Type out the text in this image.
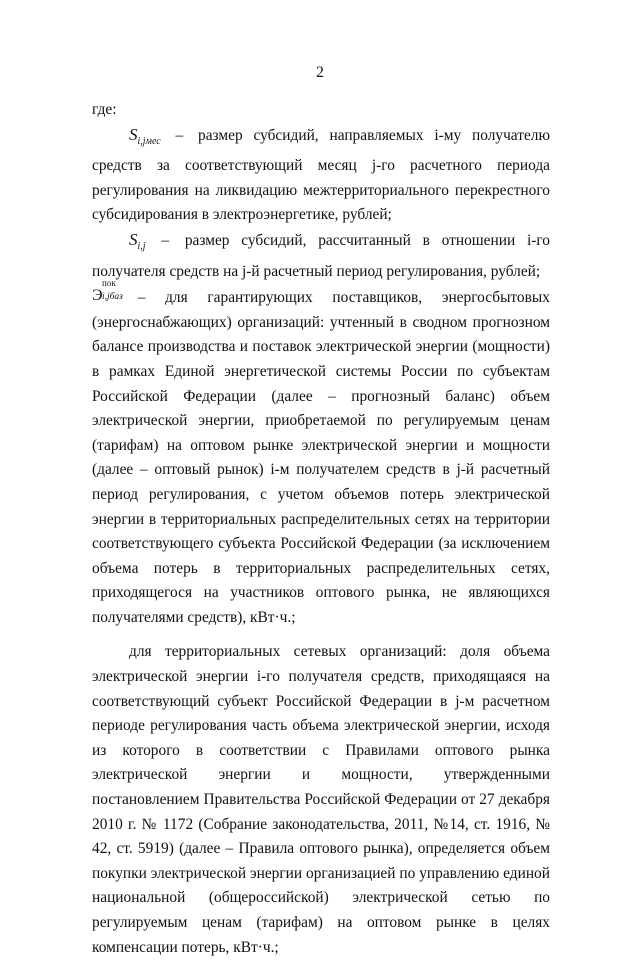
2

где:

$S_{i,jмес}$ – размер субсидий, направляемых i-му получателю средств за соответствующий месяц j-го расчетного периода регулирования на ликвидацию межтерриториального перекрестного субсидирования в электроэнергетике, рублей;

$S_{i,j}$ – размер субсидий, рассчитанный в отношении i-го получателя средств на j-й расчетный период регулирования, рублей;

Э
пок
i,jбаз – для гарантирующих поставщиков, энергосбытовых

(энергоснабжающих) организаций: учтенный в сводном прогнозном балансе производства и поставок электрической энергии (мощности) в рамках Единой энергетической системы России по субъектам Российской Федерации (далее – прогнозный баланс) объем электрической энергии, приобретаемой по регулируемым ценам (тарифам) на оптовом рынке электрической энергии и мощности (далее – оптовый рынок) i-м получателем средств в j-й расчетный период регулирования, с учетом объемов потерь электрической энергии в территориальных распределительных сетях на территории соответствующего субъекта Российской Федерации (за исключением объема потерь в территориальных распределительных сетях, приходящегося на участников оптового рынка, не являющихся получателями средств), кВт·ч.;

для территориальных сетевых организаций: доля объема электрической энергии i-го получателя средств, приходящаяся на соответствующий субъект Российской Федерации в j-м расчетном периоде регулирования часть объема электрической энергии, исходя из которого в соответствии с Правилами оптового рынка электрической энергии и мощности, утвержденными постановлением Правительства Российской Федерации от 27 декабря 2010 г. № 1172 (Собрание законодательства, 2011, №14, ст. 1916, № 42, ст. 5919) (далее – Правила оптового рынка), определяется объем покупки электрической энергии организацией по управлению единой национальной (общероссийской) электрической сетью по регулируемым ценам (тарифам) на оптовом рынке в целях компенсации потерь, кВт·ч.;
